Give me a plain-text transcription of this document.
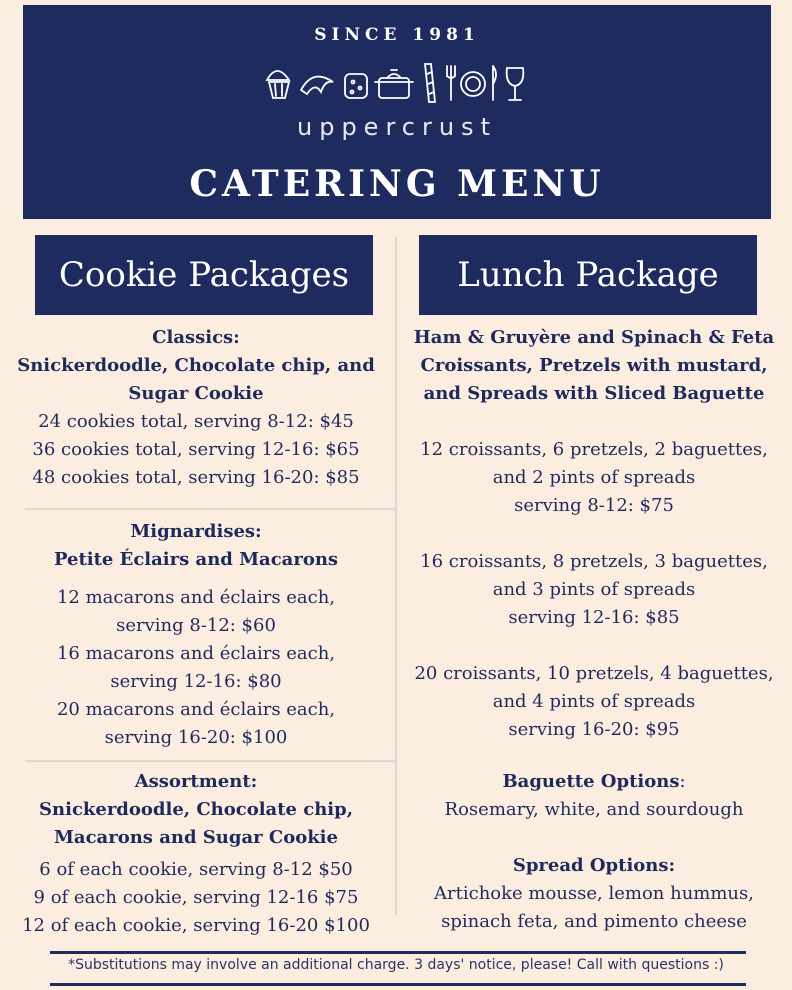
SINCE 1981
uppercrust
CATERING MENU
Cookie Packages	Lunch Package
Classics:
Snickerdoodle, Chocolate chip, and
Sugar Cookie
24 cookies total, serving 8-12: $45
36 cookies total, serving 12-16: $65
48 cookies total, serving 16-20: $85
Mignardises:
Petite Éclairs and Macarons
12 macarons and éclairs each,
serving 8-12: $60
16 macarons and éclairs each,
serving 12-16: $80
20 macarons and éclairs each,
serving 16-20: $100
Assortment:
Snickerdoodle, Chocolate chip,
Macarons and Sugar Cookie
6 of each cookie, serving 8-12 $50
9 of each cookie, serving 12-16 $75
12 of each cookie, serving 16-20 $100
Ham & Gruyère and Spinach & Feta
Croissants, Pretzels with mustard,
and Spreads with Sliced Baguette
12 croissants, 6 pretzels, 2 baguettes,
and 2 pints of spreads
serving 8-12: $75
16 croissants, 8 pretzels, 3 baguettes,
and 3 pints of spreads
serving 12-16: $85
20 croissants, 10 pretzels, 4 baguettes,
and 4 pints of spreads
serving 16-20: $95
Baguette Options:
Rosemary, white, and sourdough
Spread Options:
Artichoke mousse, lemon hummus,
spinach feta, and pimento cheese
*Substitutions may involve an additional charge. 3 days' notice, please! Call with questions :)
